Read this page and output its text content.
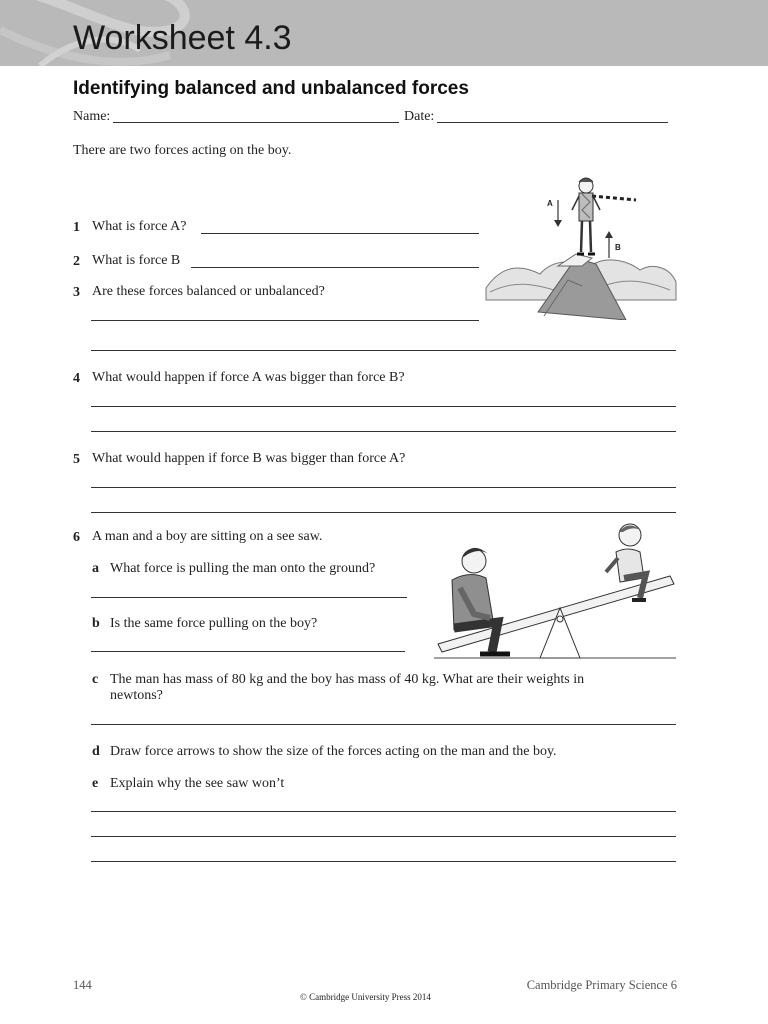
Worksheet 4.3
Identifying balanced and unbalanced forces
Name:	Date:
There are two forces acting on the boy.
A
B
1 What is force A?
2 What is force B
3 Are these forces balanced or unbalanced?
4 What would happen if force A was bigger than force B?
5 What would happen if force B was bigger than force A?
6 A man and a boy are sitting on a see saw.
a What force is pulling the man onto the ground?
b Is the same force pulling on the boy?
c The man has mass of 80 kg and the boy has mass of 40 kg. What are their weights in
newtons?
d Draw force arrows to show the size of the forces acting on the man and the boy.
e Explain why the see saw won’t
144	Cambridge Primary Science 6
© Cambridge University Press 2014
